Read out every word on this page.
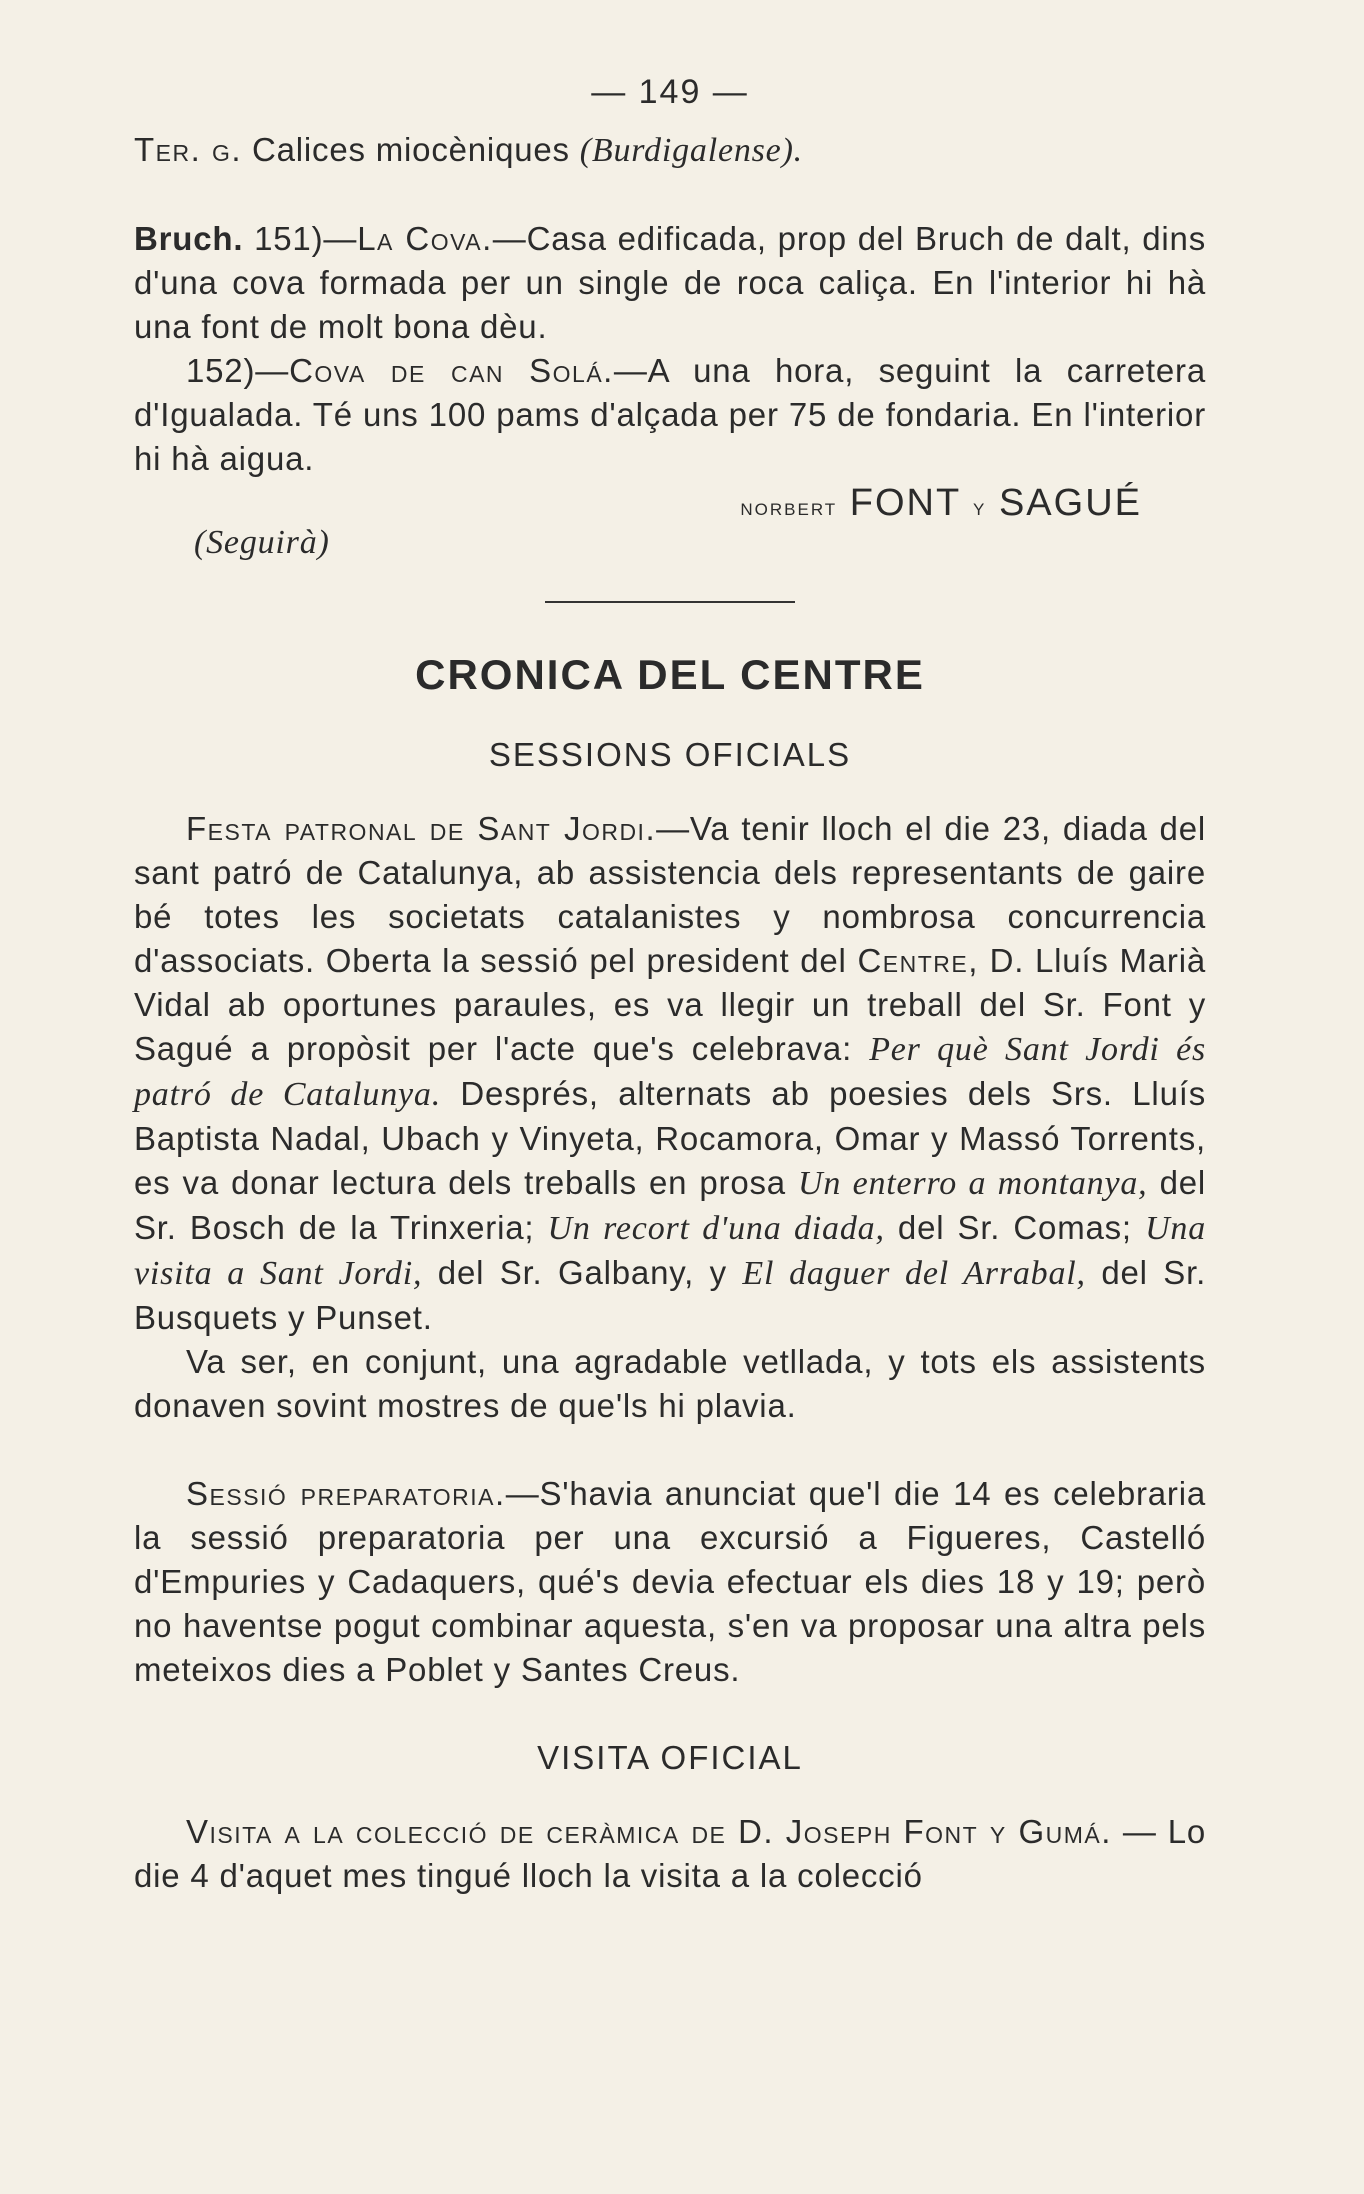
— 149 —

Ter. g. Calices miocèniques (Burdigalense).

Bruch. 151)—La Cova.—Casa edificada, prop del Bruch de dalt, dins d'una cova formada per un single de roca caliça. En l'interior hi hà una font de molt bona dèu.

152)—Cova de can Solá.—A una hora, seguint la carretera d'Igualada. Té uns 100 pams d'alçada per 75 de fondaria. En l'interior hi hà aigua.

norbert FONT y SAGUÉ
(Seguirà)
CRONICA DEL CENTRE
SESSIONS OFICIALS

Festa patronal de Sant Jordi.—Va tenir lloch el die 23, diada del sant patró de Catalunya, ab assistencia dels representants de gaire bé totes les societats catalanistes y nombrosa concurrencia d'associats. Oberta la sessió pel president del Centre, D. Lluís Marià Vidal ab oportunes paraules, es va llegir un treball del Sr. Font y Sagué a propòsit per l'acte que's celebrava: Per què Sant Jordi és patró de Catalunya. Després, alternats ab poesies dels Srs. Lluís Baptista Nadal, Ubach y Vinyeta, Rocamora, Omar y Massó Torrents, es va donar lectura dels treballs en prosa Un enterro a montanya, del Sr. Bosch de la Trinxeria; Un recort d'una diada, del Sr. Comas; Una visita a Sant Jordi, del Sr. Galbany, y El daguer del Arrabal, del Sr. Busquets y Punset.

Va ser, en conjunt, una agradable vetllada, y tots els assistents donaven sovint mostres de que'ls hi plavia.

Sessió preparatoria.—S'havia anunciat que'l die 14 es celebraria la sessió preparatoria per una excursió a Figueres, Castelló d'Empuries y Cadaquers, qué's devia efectuar els dies 18 y 19; però no haventse pogut combinar aquesta, s'en va proposar una altra pels meteixos dies a Poblet y Santes Creus.

VISITA OFICIAL

Visita a la colecció de ceràmica de D. Joseph Font y Gumá. — Lo die 4 d'aquet mes tingué lloch la visita a la colecció
